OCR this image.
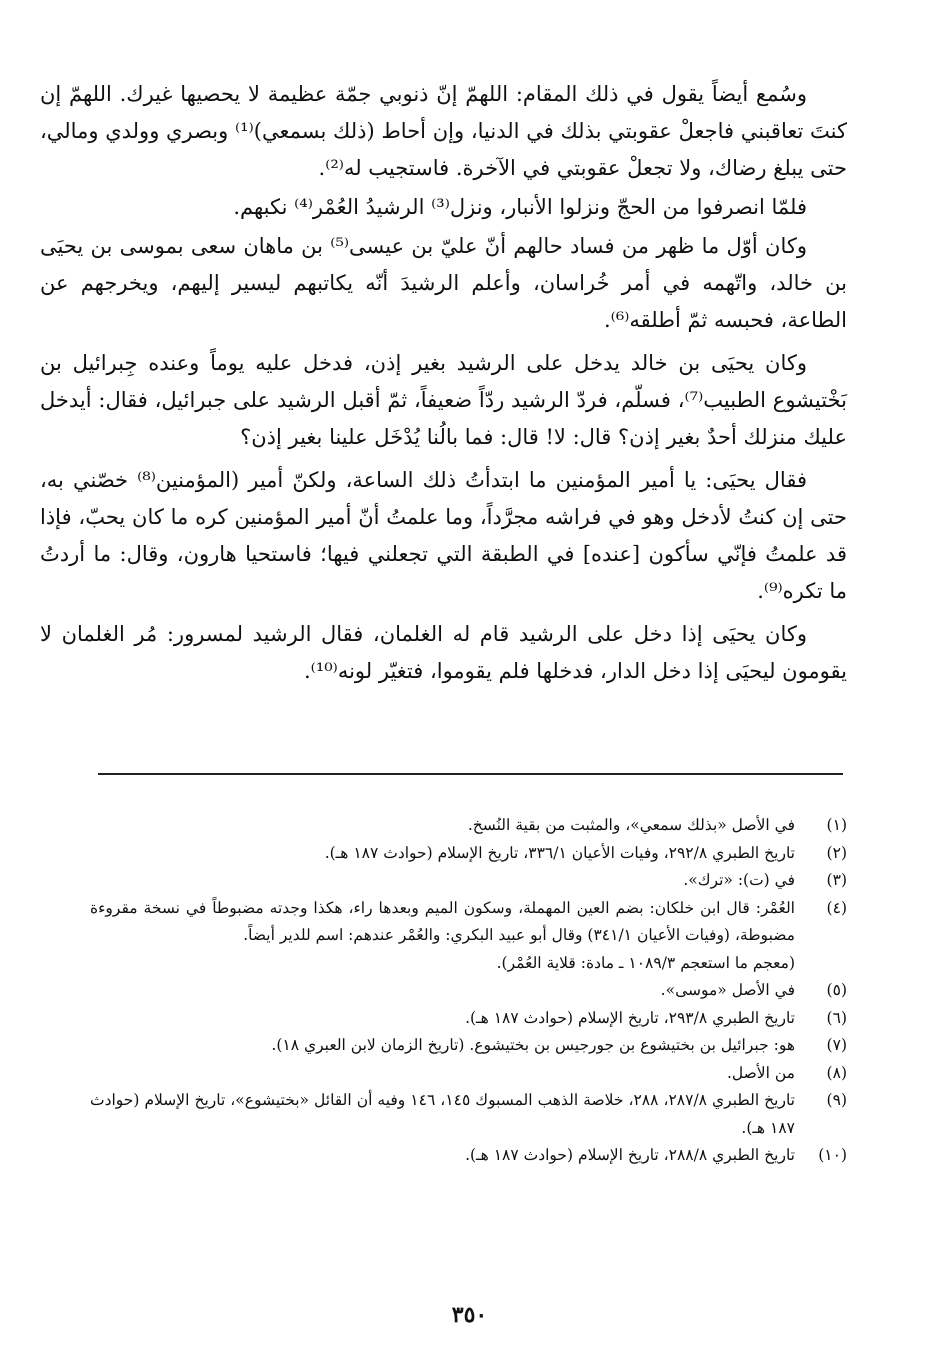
وسُمع أيضاً يقول في ذلك المقام: اللهمّ إنّ ذنوبي جمّة عظيمة لا يحصيها غيرك. اللهمّ إن كنتَ تعاقبني فاجعلْ عقوبتي بذلك في الدنيا، وإن أحاط (ذلك بسمعي)⁽¹⁾ وبصري وولدي ومالي، حتى يبلغ رضاك، ولا تجعلْ عقوبتي في الآخرة. فاستجيب له⁽²⁾.

فلمّا انصرفوا من الحجّ ونزلوا الأنبار، ونزل⁽³⁾ الرشيدُ العُمْر⁽⁴⁾ نكبهم.

وكان أوّل ما ظهر من فساد حالهم أنّ عليّ بن عيسى⁽⁵⁾ بن ماهان سعى بموسى بن يحيَى بن خالد، واتّهمه في أمر خُراسان، وأعلم الرشيدَ أنّه يكاتبهم ليسير إليهم، ويخرجهم عن الطاعة، فحبسه ثمّ أطلقه⁽⁶⁾.

وكان يحيَى بن خالد يدخل على الرشيد بغير إذن، فدخل عليه يوماً وعنده جِبرائيل بن بَخْتيشوع الطبيب⁽⁷⁾، فسلّم، فردّ الرشيد ردّاً ضعيفاً، ثمّ أقبل الرشيد على جبرائيل، فقال: أيدخل عليك منزلك أحدٌ بغير إذن؟ قال: لا! قال: فما بالُنا يُدْخَل علينا بغير إذن؟

فقال يحيَى: يا أمير المؤمنين ما ابتدأتُ ذلك الساعة، ولكنّ أمير (المؤمنين⁽⁸⁾ خصّني به، حتى إن كنتُ لأدخل وهو في فراشه مجرَّداً، وما علمتُ أنّ أمير المؤمنين كره ما كان يحبّ، فإذا قد علمتُ فإنّي سأكون [عنده] في الطبقة التي تجعلني فيها؛ فاستحيا هارون، وقال: ما أردتُ ما تكره⁽⁹⁾.

وكان يحيَى إذا دخل على الرشيد قام له الغلمان، فقال الرشيد لمسرور: مُر الغلمان لا يقومون ليحيَى إذا دخل الدار، فدخلها فلم يقوموا، فتغيّر لونه⁽¹⁰⁾.

(١)
في الأصل «بذلك سمعي»، والمثبت من بقية النُسخ.
(٢)
تاريخ الطبري ٢٩٢/٨، وفيات الأعيان ٣٣٦/١، تاريخ الإسلام (حوادث ١٨٧ هـ).
(٣)
في (ت): «ترك».
(٤)
العُمْر: قال ابن خلكان: بضم العين المهملة، وسكون الميم وبعدها راء، هكذا وجدته مضبوطاً في نسخة مقروءة مضبوطة، (وفيات الأعيان ٣٤١/١) وقال أبو عبيد البكري: والعُمْر عندهم: اسم للدير أيضاً.
(معجم ما استعجم ١٠٨٩/٣ ـ مادة: قلاية العُمْر).
(٥)
في الأصل «موسى».
(٦)
تاريخ الطبري ٢٩٣/٨، تاريخ الإسلام (حوادث ١٨٧ هـ).
(٧)
هو: جبرائيل بن بختيشوع بن جورجيس بن بختيشوع. (تاريخ الزمان لابن العبري ١٨).
(٨)
من الأصل.
(٩)
تاريخ الطبري ٢٨٧/٨، ٢٨٨، خلاصة الذهب المسبوك ١٤٥، ١٤٦ وفيه أن القائل «بختيشوع»، تاريخ الإسلام (حوادث ١٨٧ هـ).
(١٠)
تاريخ الطبري ٢٨٨/٨، تاريخ الإسلام (حوادث ١٨٧ هـ).
٣٥٠
